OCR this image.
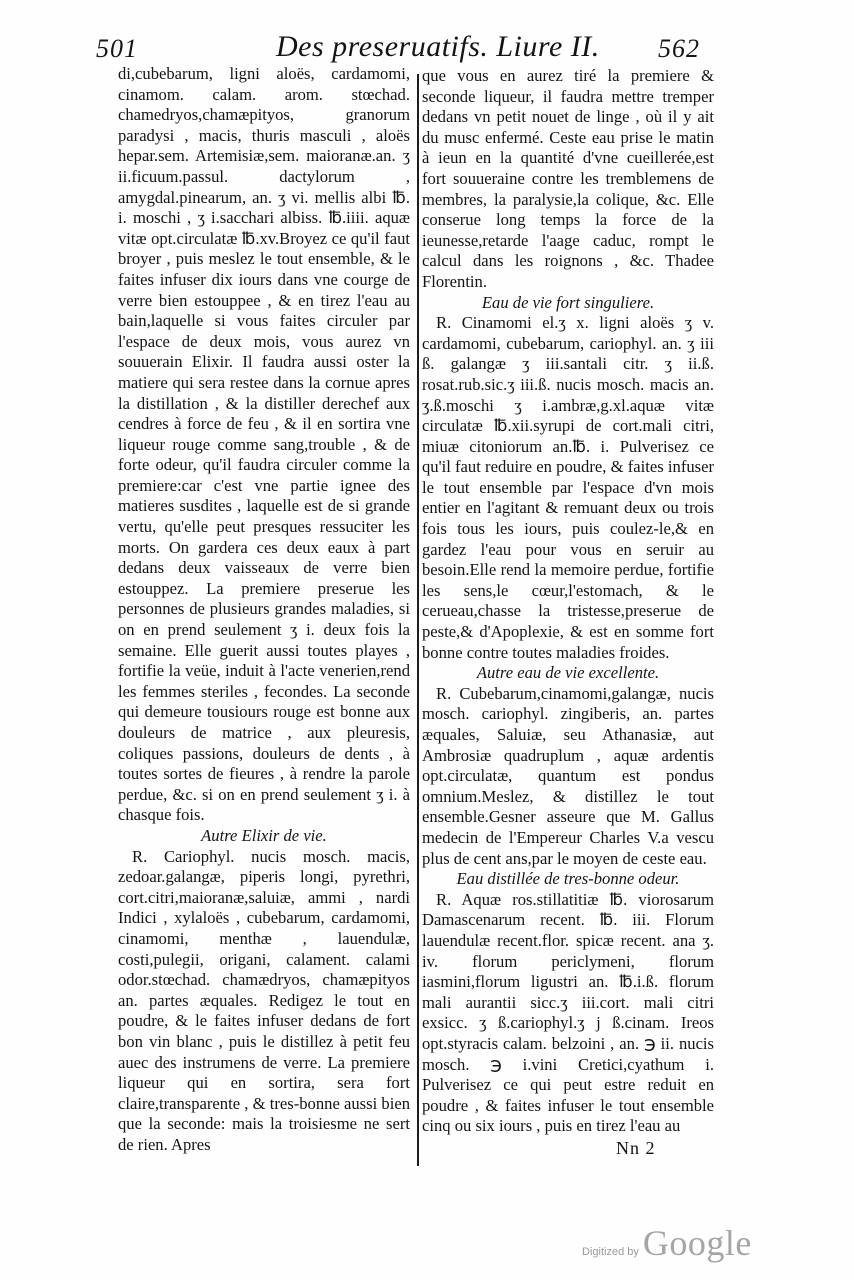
501	Des preseruatifs. Liure II. 562

di,cubebarum, ligni aloës, cardamomi, cinamom. calam. arom. stœchad. chamedryos,chamæpityos, granorum paradysi , macis, thuris masculi , aloës hepar.sem. Artemisiæ,sem. maioranæ.an. ʒ ii.ficuum.passul. dactylorum , amygdal.pinearum, an. ʒ vi. mellis albi ℔. i. moschi , ʒ i.sacchari albiss. ℔.iiii. aquæ vitæ opt.circulatæ ℔.xv.Broyez ce qu'il faut broyer , puis meslez le tout ensemble, & le faites infuser dix iours dans vne courge de verre bien estouppee , & en tirez l'eau au bain,laquelle si vous faites circuler par l'espace de deux mois, vous aurez vn souuerain Elixir. Il faudra aussi oster la matiere qui sera restee dans la cornue apres la distillation , & la distiller derechef aux cendres à force de feu , & il en sortira vne liqueur rouge comme sang,trouble , & de forte odeur, qu'il faudra circuler comme la premiere:car c'est vne partie ignee des matieres susdites , laquelle est de si grande vertu, qu'elle peut presques ressuciter les morts. On gardera ces deux eaux à part dedans deux vaisseaux de verre bien estouppez. La premiere preserue les personnes de plusieurs grandes maladies, si on en prend seulement ʒ i. deux fois la semaine. Elle guerit aussi toutes playes , fortifie la veüe, induit à l'acte venerien,rend les femmes steriles , fecondes. La seconde qui demeure tousiours rouge est bonne aux douleurs de matrice , aux pleuresis, coliques passions, douleurs de dents , à toutes sortes de fieures , à rendre la parole perdue, &c. si on en prend seulement ʒ i. à chasque fois.

Autre Elixir de vie.

R. Cariophyl. nucis mosch. macis, zedoar.galangæ, piperis longi, pyrethri, cort.citri,maioranæ,saluiæ, ammi , nardi Indici , xylaloës , cubebarum, cardamomi, cinamomi, menthæ , lauendulæ, costi,pulegii, origani, calament. calami odor.stœchad. chamædryos, chamæpityos an. partes æquales. Redigez le tout en poudre, & le faites infuser dedans de fort bon vin blanc , puis le distillez à petit feu auec des instrumens de verre. La premiere liqueur qui en sortira, sera fort claire,transparente , & tres-bonne aussi bien que la seconde: mais la troisiesme ne sert de rien. Apres

que vous en aurez tiré la premiere & seconde liqueur, il faudra mettre tremper dedans vn petit nouet de linge , où il y ait du musc enfermé. Ceste eau prise le matin à ieun en la quantité d'vne cueillerée,est fort souueraine contre les tremblemens de membres, la paralysie,la colique, &c. Elle conserue long temps la force de la ieunesse,retarde l'aage caduc, rompt le calcul dans les roignons , &c. Thadee Florentin.

Eau de vie fort singuliere.

R. Cinamomi el.ʒ x. ligni aloës ʒ v. cardamomi, cubebarum, cariophyl. an. ʒ iii ß. galangæ ʒ iii.santali citr. ʒ ii.ß. rosat.rub.sic.ʒ iii.ß. nucis mosch. macis an. ʒ.ß.moschi ʒ i.ambræ,g.xl.aquæ vitæ circulatæ ℔.xii.syrupi de cort.mali citri, miuæ citoniorum an.℔. i. Pulverisez ce qu'il faut reduire en poudre, & faites infuser le tout ensemble par l'espace d'vn mois entier en l'agitant & remuant deux ou trois fois tous les iours, puis coulez-le,& en gardez l'eau pour vous en seruir au besoin.Elle rend la memoire perdue, fortifie les sens,le cœur,l'estomach, & le cerueau,chasse la tristesse,preserue de peste,& d'Apoplexie, & est en somme fort bonne contre toutes maladies froides.

Autre eau de vie excellente.

R. Cubebarum,cinamomi,galangæ, nucis mosch. cariophyl. zingiberis, an. partes æquales, Saluiæ, seu Athanasiæ, aut Ambrosiæ quadruplum , aquæ ardentis opt.circulatæ, quantum est pondus omnium.Meslez, & distillez le tout ensemble.Gesner asseure que M. Gallus medecin de l'Empereur Charles V.a vescu plus de cent ans,par le moyen de ceste eau.

Eau distillée de tres-bonne odeur.

R. Aquæ ros.stillatitiæ ℔. viorosarum Damascenarum recent. ℔. iii. Florum lauendulæ recent.flor. spicæ recent. ana ʒ. iv. florum periclymeni, florum iasmini,florum ligustri an. ℔.i.ß. florum mali aurantii sicc.ʒ iii.cort. mali citri exsicc. ʒ ß.cariophyl.ʒ j ß.cinam. Ireos opt.styracis calam. belzoini , an. ℈ ii. nucis mosch. ℈ i.vini Cretici,cyathum i. Pulverisez ce qui peut estre reduit en poudre , & faites infuser le tout ensemble cinq ou six iours , puis en tirez l'eau au

Nn 2
Digitized by Google
